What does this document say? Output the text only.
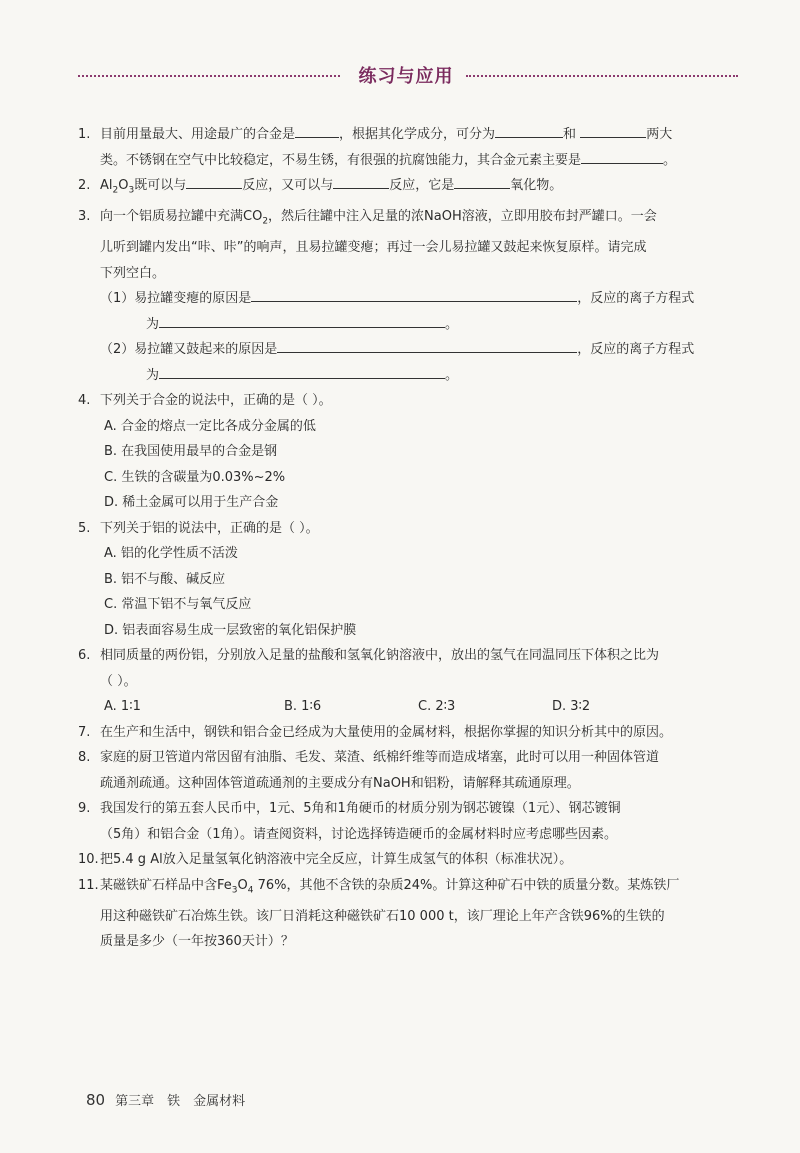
练习与应用

1. 目前用量最大、用途最广的合金是	，根据其化学成分，可分为	和	两大

类。不锈钢在空气中比较稳定，不易生锈，有很强的抗腐蚀能力，其合金元素主要是	。

2. $Al_2O_3$既可以与	反应，又可以与	反应，它是	氧化物。

3. 向一个铝质易拉罐中充满$CO_2$，然后往罐中注入足量的浓NaOH溶液，立即用胶布封严罐口。一会

儿听到罐内发出“咔、咔”的响声，且易拉罐变瘪；再过一会儿易拉罐又鼓起来恢复原样。请完成

下列空白。

（1）易拉罐变瘪的原因是	，反应的离子方程式

为	。

（2）易拉罐又鼓起来的原因是	，反应的离子方程式

为	。

4. 下列关于合金的说法中，正确的是（ ）。

A. 合金的熔点一定比各成分金属的低

B. 在我国使用最早的合金是钢

C. 生铁的含碳量为0.03%~2%

D. 稀土金属可以用于生产合金

5. 下列关于铝的说法中，正确的是（ ）。

A. 铝的化学性质不活泼

B. 铝不与酸、碱反应

C. 常温下铝不与氧气反应

D. 铝表面容易生成一层致密的氧化铝保护膜

6. 相同质量的两份铝，分别放入足量的盐酸和氢氧化钠溶液中，放出的氢气在同温同压下体积之比为

（ ）。

A. 1∶1	B. 1∶6	C. 2∶3	D. 3∶2

7. 在生产和生活中，钢铁和铝合金已经成为大量使用的金属材料，根据你掌握的知识分析其中的原因。

8. 家庭的厨卫管道内常因留有油脂、毛发、菜渣、纸棉纤维等而造成堵塞，此时可以用一种固体管道

疏通剂疏通。这种固体管道疏通剂的主要成分有NaOH和铝粉，请解释其疏通原理。

9. 我国发行的第五套人民币中，1元、5角和1角硬币的材质分别为钢芯镀镍（1元）、钢芯镀铜

（5角）和铝合金（1角）。请查阅资料，讨论选择铸造硬币的金属材料时应考虑哪些因素。

10. 把5.4 g Al放入足量氢氧化钠溶液中完全反应，计算生成氢气的体积（标准状况）。

11. 某磁铁矿石样品中含$Fe_3O_4$ 76%，其他不含铁的杂质24%。计算这种矿石中铁的质量分数。某炼铁厂

用这种磁铁矿石冶炼生铁。该厂日消耗这种磁铁矿石10 000 t，该厂理论上年产含铁96%的生铁的

质量是多少（一年按360天计）？

80 第三章　铁　金属材料
